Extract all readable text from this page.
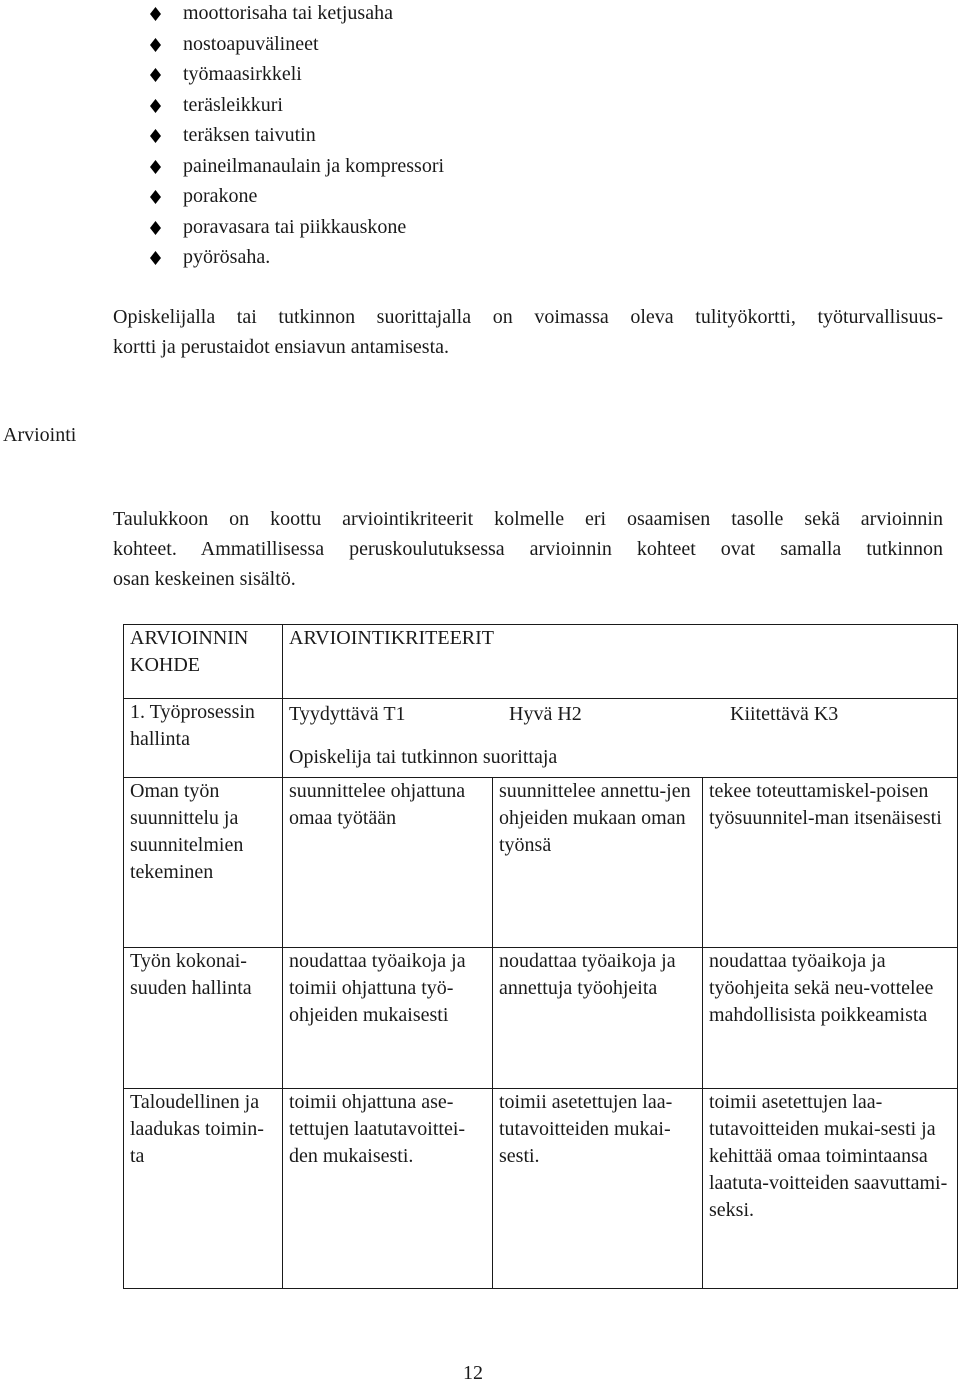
moottorisaha tai ketjusaha
nostoapuvälineet
työmaasirkkeli
teräsleikkuri
teräksen taivutin
paineilmanaulain ja kompressori
porakone
poravasara tai piikkauskone
pyörösaha.

Opiskelijalla tai tutkinnon suorittajalla on voimassa oleva tulityökortti, työturvallisuus-
kortti ja perustaidot ensiavun antamisesta.

Arviointi

Taulukkoon on koottu arviointikriteerit kolmelle eri osaamisen tasolle sekä arvioinnin
kohteet. Ammatillisessa peruskoulutuksessa arvioinnin kohteet ovat samalla tutkinnon
osan keskeinen sisältö.

ARVIOINNIN KOHDE	ARVIOINTIKRITEERIT		

1. Työprosessin hallinta	Tyydyttävä T1 Hyvä H2 Kiitettävä K3
Opiskelija tai tutkinnon suorittaja		

Oman työn suunnittelu ja suunnitelmien tekeminen	suunnittelee ohjattuna omaa työtään	suunnittelee annettu-jen ohjeiden mukaan oman työnsä	tekee toteuttamiskel-poisen työsuunnitel-man itsenäisesti
Työn kokonai-suuden hallinta	noudattaa työaikoja ja toimii ohjattuna työ-ohjeiden mukaisesti	noudattaa työaikoja ja annettuja työohjeita	noudattaa työaikoja ja työohjeita sekä neu-vottelee mahdollisista poikkeamista
Taloudellinen ja laadukas toimin-ta	toimii ohjattuna ase-tettujen laatutavoittei-den mukaisesti.	toimii asetettujen laa-tutavoitteiden mukai-sesti.	toimii asetettujen laa-tutavoitteiden mukai-sesti ja kehittää omaa toimintaansa laatuta-voitteiden saavuttami-seksi.
12
